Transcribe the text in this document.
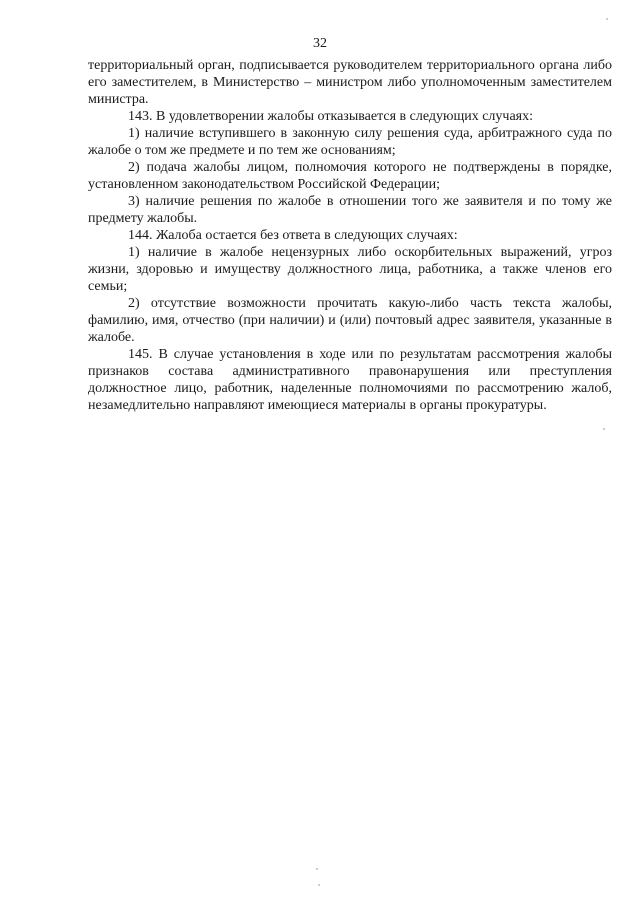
32

территориальный орган, подписывается руководителем территориального органа либо его заместителем, в Министерство – министром либо уполномоченным заместителем министра.

143. В удовлетворении жалобы отказывается в следующих случаях:

1) наличие вступившего в законную силу решения суда, арбитражного суда по жалобе о том же предмете и по тем же основаниям;

2) подача жалобы лицом, полномочия которого не подтверждены в порядке, установленном законодательством Российской Федерации;

3) наличие решения по жалобе в отношении того же заявителя и по тому же предмету жалобы.

144. Жалоба остается без ответа в следующих случаях:

1) наличие в жалобе нецензурных либо оскорбительных выражений, угроз жизни, здоровью и имуществу должностного лица, работника, а также членов его семьи;

2) отсутствие возможности прочитать какую-либо часть текста жалобы, фамилию, имя, отчество (при наличии) и (или) почтовый адрес заявителя, указанные в жалобе.

145. В случае установления в ходе или по результатам рассмотрения жалобы признаков состава административного правонарушения или преступления должностное лицо, работник, наделенные полномочиями по рассмотрению жалоб, незамедлительно направляют имеющиеся материалы в органы прокуратуры.
